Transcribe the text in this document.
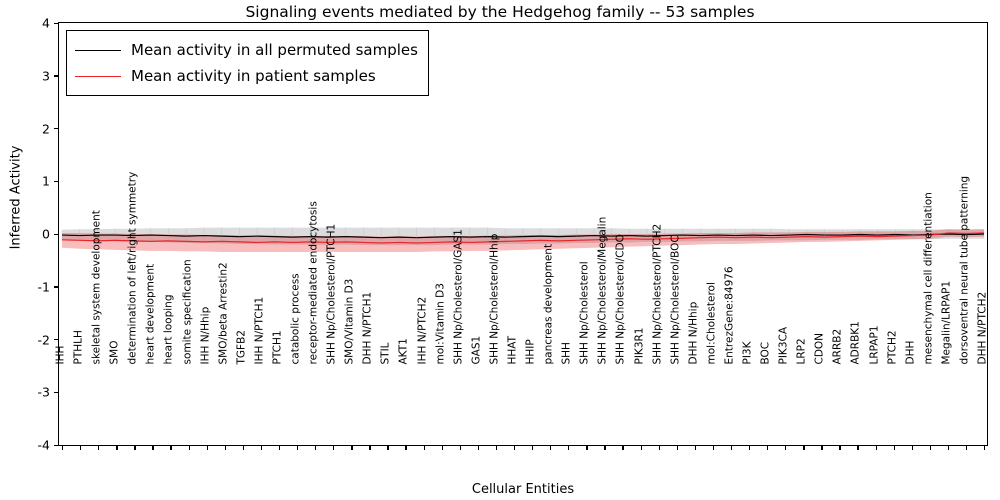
Signaling events mediated by the Hedgehog family -- 53 samples
Inferred Activity
Cellular Entities
-4
-3
-2
-1
0
1
2
3
4
IHH PTHLH skeletal system development SMO determination of left/right symmetry heart development heart looping somite specification IHH N/Hhip SMO/beta Arrestin2 TGFB2 IHH N/PTCH1 PTCH1 catabolic process receptor-mediated endocytosis SHH Np/Cholesterol/PTCH1 SMO/Vitamin D3 DHH N/PTCH1 STIL AKT1 IHH N/PTCH2 mol:Vitamin D3 SHH Np/Cholesterol/GAS1 GAS1 SHH Np/Cholesterol/Hhip HHAT HHIP pancreas development SHH SHH Np/Cholesterol SHH Np/Cholesterol/Megalin SHH Np/Cholesterol/CDO PIK3R1 SHH Np/Cholesterol/PTCH2 SHH Np/Cholesterol/BOC DHH N/Hhip mol:Cholesterol EntrezGene:84976 PI3K BOC PIK3CA LRP2 CDON ARRB2 ADRBK1 LRPAP1 PTCH2 DHH mesenchymal cell differentiation Megalin/LRPAP1 dorsoventral neural tube patterning DHH N/PTCH2
Mean activity in all permuted samples
Mean activity in patient samples
